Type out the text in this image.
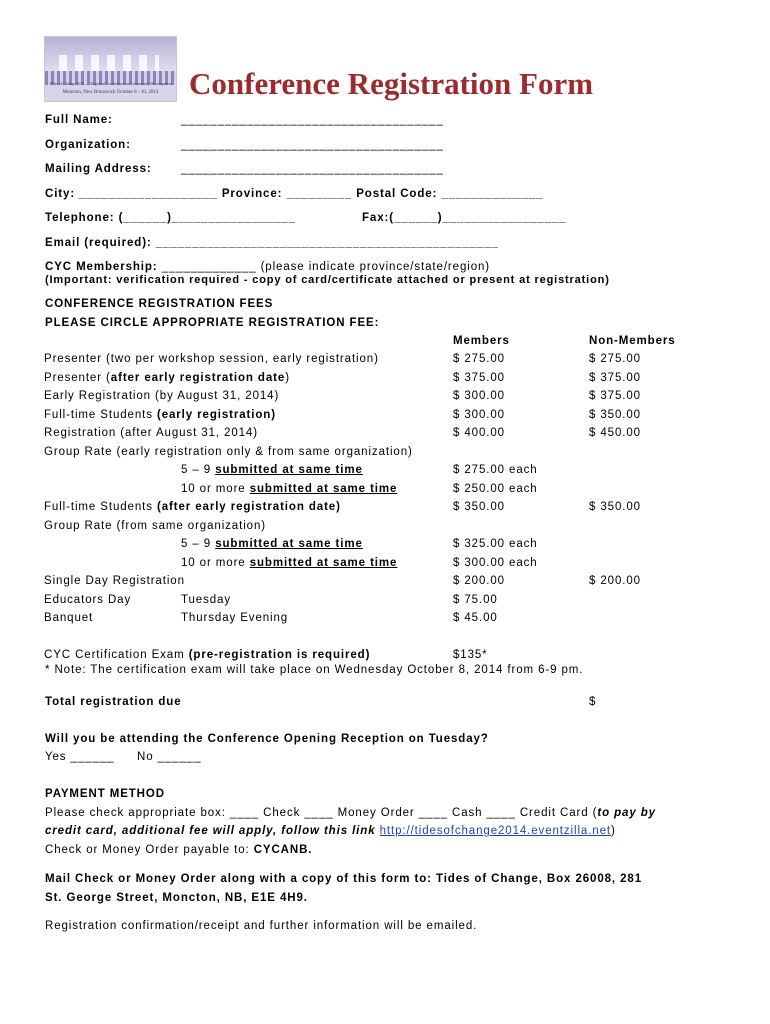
Tides of Change 2014 — Regional Conference on Community Development
Moncton, New Brunswick October 8 - 10, 2014 Conference Registration Form
Full Name:	____________________________________
Organization:	____________________________________
Mailing Address:	____________________________________
City: ___________________ Province: _________ Postal Code: ______________
Telephone: (______)_________________	Fax:(______)_________________
Email (required): _______________________________________________
CYC Membership: _____________ (please indicate province/state/region)
(Important: verification required - copy of card/certificate attached or present at registration)
CONFERENCE REGISTRATION FEES
PLEASE CIRCLE APPROPRIATE REGISTRATION FEE:
Members	Non-Members
Presenter (two per workshop session, early registration)	$ 275.00	$ 275.00
Presenter (after early registration date)	$ 375.00	$ 375.00
Early Registration (by August 31, 2014)	$ 300.00	$ 375.00
Full-time Students (early registration)	$ 300.00	$ 350.00
Registration (after August 31, 2014)	$ 400.00	$ 450.00
Group Rate (early registration only & from same organization)
5 – 9 submitted at same time	$ 275.00 each
10 or more submitted at same time	$ 250.00 each
Full-time Students (after early registration date)	$ 350.00	$ 350.00
Group Rate (from same organization)
5 – 9 submitted at same time	$ 325.00 each
10 or more submitted at same time	$ 300.00 each
Single Day Registration	$ 200.00	$ 200.00
Educators Day	Tuesday	$ 75.00
Banquet	Thursday Evening	$ 45.00
CYC Certification Exam (pre-registration is required)	$135*
* Note: The certification exam will take place on Wednesday October 8, 2014 from 6-9 pm.
Total registration due	$
Will you be attending the Conference Opening Reception on Tuesday?
Yes ______ No ______
PAYMENT METHOD
Please check appropriate box: ____ Check ____ Money Order ____ Cash ____ Credit Card (to pay by
credit card, additional fee will apply, follow this link http://tidesofchange2014.eventzilla.net)
Check or Money Order payable to: CYCANB.
Mail Check or Money Order along with a copy of this form to: Tides of Change, Box 26008, 281
St. George Street, Moncton, NB, E1E 4H9.
Registration confirmation/receipt and further information will be emailed.
